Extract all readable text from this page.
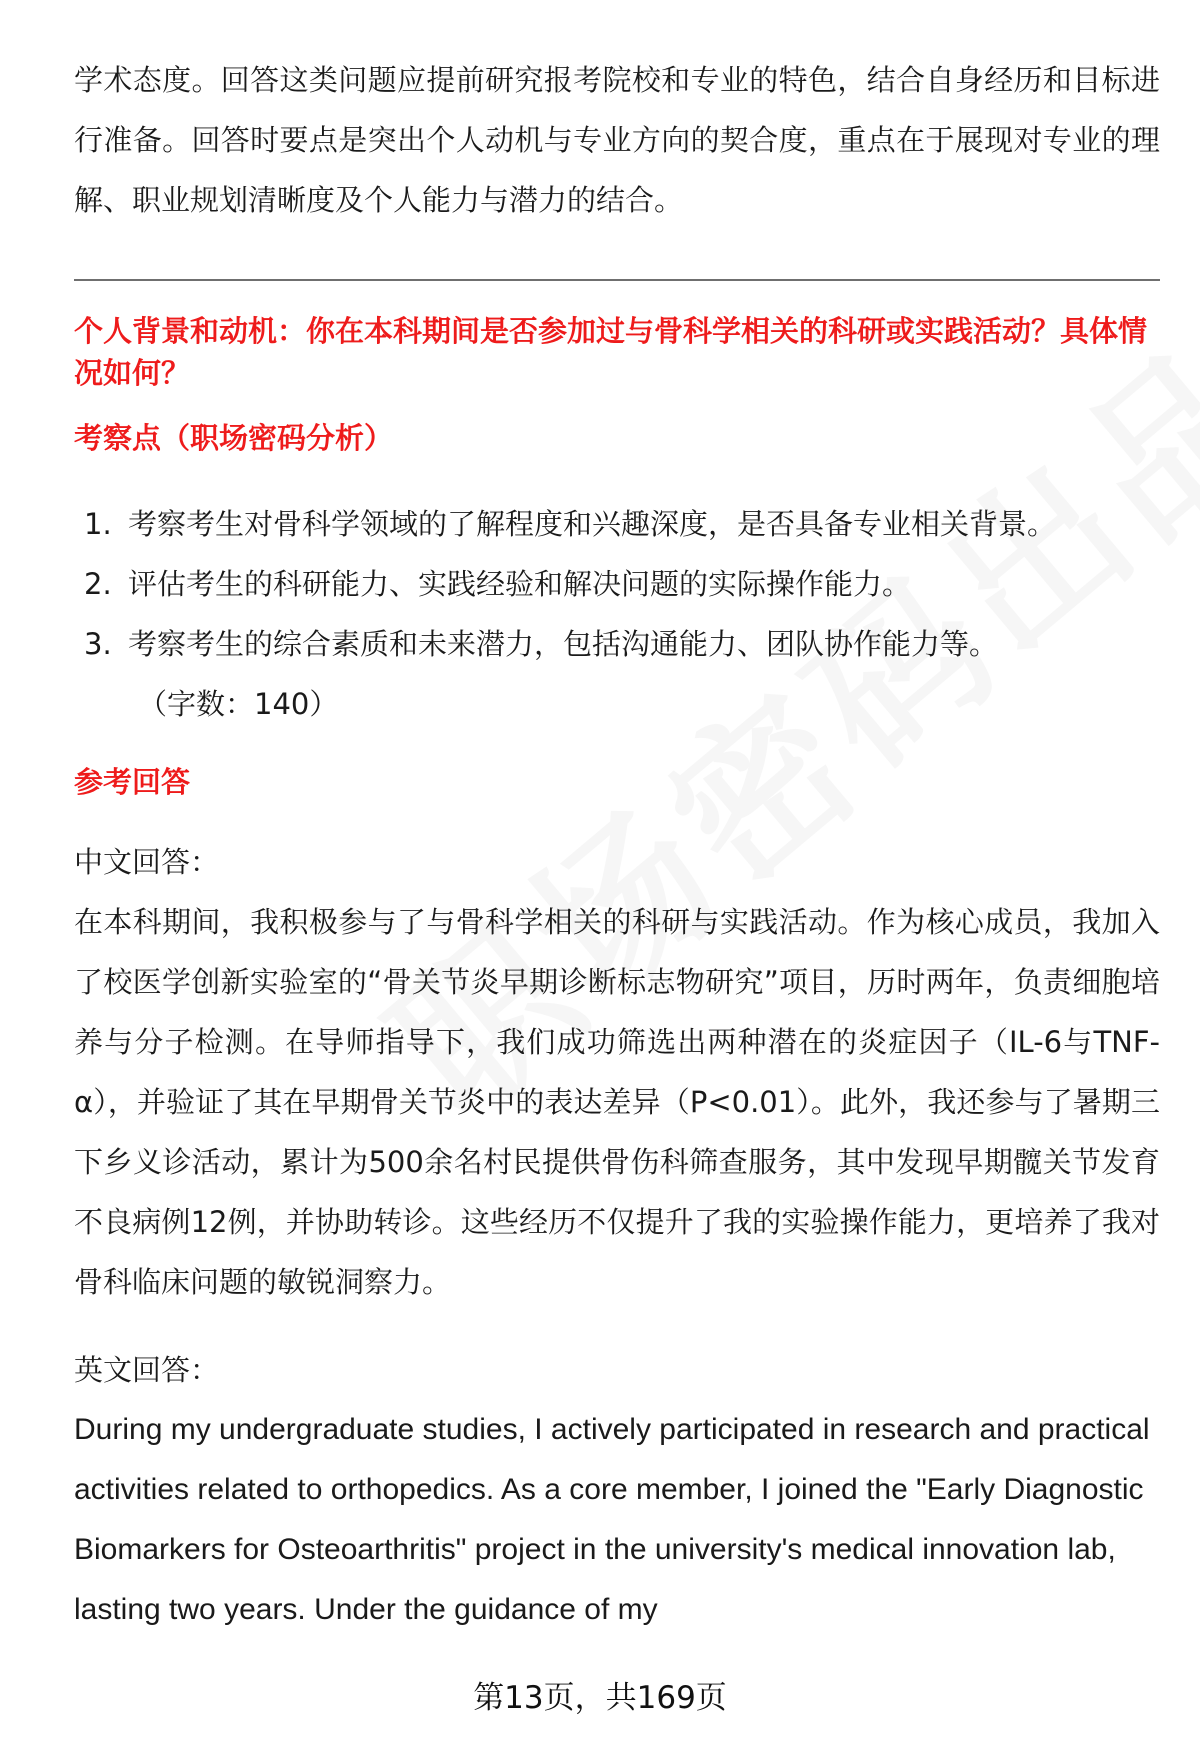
学术态度。回答这类问题应提前研究报考院校和专业的特色，结合自身经历和目标进行准备。回答时要点是突出个人动机与专业方向的契合度，重点在于展现对专业的理解、职业规划清晰度及个人能力与潜力的结合。

个人背景和动机：你在本科期间是否参加过与骨科学相关的科研或实践活动？具体情况如何？

考察点（职场密码分析）

1. 考察考生对骨科学领域的了解程度和兴趣深度，是否具备专业相关背景。
2. 评估考生的科研能力、实践经验和解决问题的实际操作能力。
3. 考察考生的综合素质和未来潜力，包括沟通能力、团队协作能力等。

（字数：140）

参考回答

中文回答：

在本科期间，我积极参与了与骨科学相关的科研与实践活动。作为核心成员，我加入了校医学创新实验室的“骨关节炎早期诊断标志物研究”项目，历时两年，负责细胞培养与分子检测。在导师指导下，我们成功筛选出两种潜在的炎症因子（IL-6与TNF-α），并验证了其在早期骨关节炎中的表达差异（P<0.01）。此外，我还参与了暑期三下乡义诊活动，累计为500余名村民提供骨伤科筛查服务，其中发现早期髋关节发育不良病例12例，并协助转诊。这些经历不仅提升了我的实验操作能力，更培养了我对骨科临床问题的敏锐洞察力。

英文回答：

During my undergraduate studies, I actively participated in research and practical activities related to orthopedics. As a core member, I joined the "Early Diagnostic Biomarkers for Osteoarthritis" project in the university's medical innovation lab, lasting two years. Under the guidance of my

第13页，共169页
